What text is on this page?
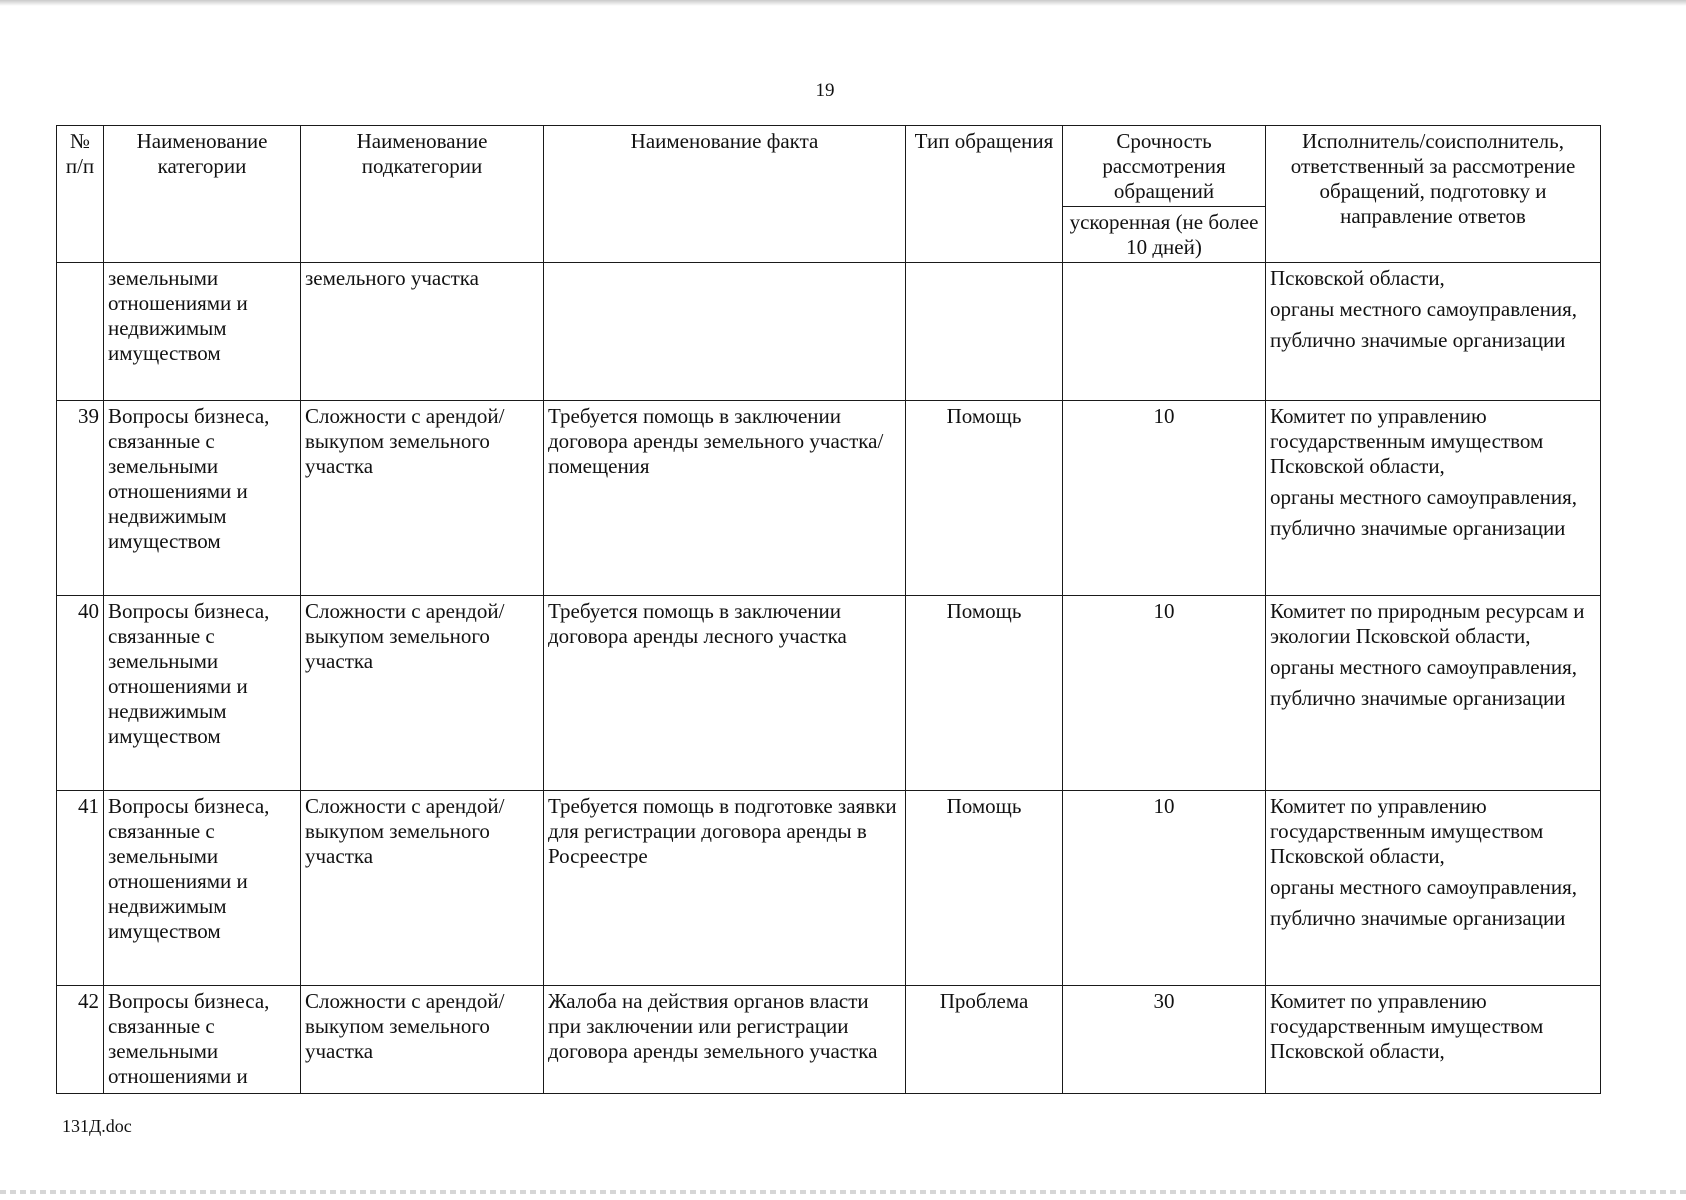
19
№ п/п	Наименование категории	Наименование подкатегории	Наименование факта	Тип обращения	Срочность рассмотрения обращений	Исполнитель/соисполнитель, ответственный за рассмотрение обращений, подготовку и направление ответов
					ускоренная (не более 10 дней)	
	земельными отношениями и недвижимым имуществом	земельного участка				Псковской области,
органы местного самоуправления,
публично значимые организации

39	Вопросы бизнеса, связанные с земельными отношениями и недвижимым имуществом	Сложности с арендой/выкупом земельного участка	Требуется помощь в заключении договора аренды земельного участка/помещения	Помощь	10	Комитет по управлению государственным имуществом Псковской области,
органы местного самоуправления,
публично значимые организации

40	Вопросы бизнеса, связанные с земельными отношениями и недвижимым имуществом	Сложности с арендой/выкупом земельного участка	Требуется помощь в заключении договора аренды лесного участка	Помощь	10	Комитет по природным ресурсам и экологии Псковской области,
органы местного самоуправления,
публично значимые организации

41	Вопросы бизнеса, связанные с земельными отношениями и недвижимым имуществом	Сложности с арендой/выкупом земельного участка	Требуется помощь в подготовке заявки для регистрации договора аренды в Росреестре	Помощь	10	Комитет по управлению государственным имуществом Псковской области,
органы местного самоуправления,
публично значимые организации

42	Вопросы бизнеса, связанные с земельными отношениями и	Сложности с арендой/выкупом земельного участка	Жалоба на действия органов власти при заключении или регистрации договора аренды земельного участка	Проблема	30	Комитет по управлению государственным имуществом Псковской области,
131Д.doc
